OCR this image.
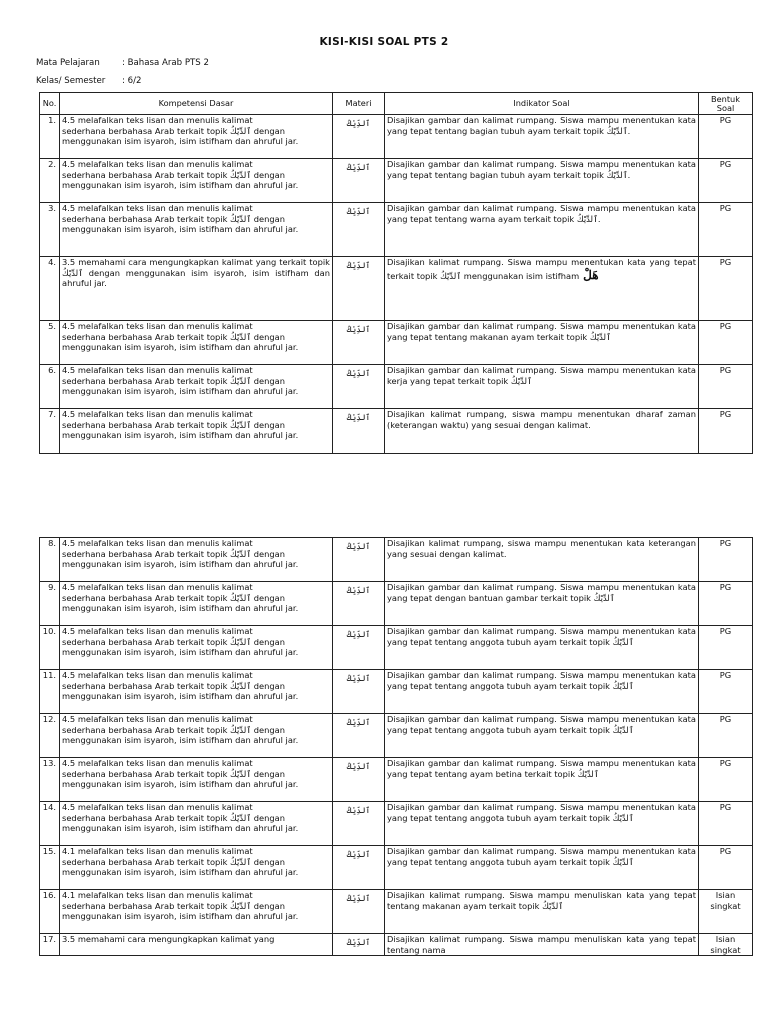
KISI-KISI SOAL PTS 2
Mata Pelajaran	: Bahasa Arab PTS 2
Kelas/ Semester : 6/2
No.	Kompetensi Dasar	Materi	Indikator Soal	Bentuk Soal
1.	4.5 melafalkan teks lisan dan menulis kalimat
sederhana berbahasa Arab terkait topik ٱلدِّيْكُ dengan
menggunakan isim isyaroh, isim istifham dan ahruful jar.	ٱلدِّيْكُ	Disajikan gambar dan kalimat rumpang. Siswa mampu menentukan kata yang tepat tentang bagian tubuh ayam terkait topik ٱلدِّيْكُ.	PG
2.	4.5 melafalkan teks lisan dan menulis kalimat
sederhana berbahasa Arab terkait topik ٱلدِّيْكُ dengan
menggunakan isim isyaroh, isim istifham dan ahruful jar.	ٱلدِّيْكُ	Disajikan gambar dan kalimat rumpang. Siswa mampu menentukan kata yang tepat tentang bagian tubuh ayam terkait topik ٱلدِّيْكُ.	PG
3.	4.5 melafalkan teks lisan dan menulis kalimat
sederhana berbahasa Arab terkait topik ٱلدِّيْكُ dengan
menggunakan isim isyaroh, isim istifham dan ahruful jar.	ٱلدِّيْكُ	Disajikan gambar dan kalimat rumpang. Siswa mampu menentukan kata yang tepat tentang warna ayam terkait topik ٱلدِّيْكُ.	PG
4.	3.5 memahami cara mengungkapkan kalimat yang terkait topik ٱلدِّيْكُ dengan menggunakan isim isyaroh, isim istifham dan ahruful jar.	ٱلدِّيْكُ	Disajikan kalimat rumpang. Siswa mampu menentukan kata yang tepat terkait topik ٱلدِّيْكُ menggunakan isim istifham هَلْ	PG
5.	4.5 melafalkan teks lisan dan menulis kalimat
sederhana berbahasa Arab terkait topik ٱلدِّيْكُ dengan
menggunakan isim isyaroh, isim istifham dan ahruful jar.	ٱلدِّيْكُ	Disajikan gambar dan kalimat rumpang. Siswa mampu menentukan kata yang tepat tentang makanan ayam terkait topik ٱلدِّيْكُ	PG
6.	4.5 melafalkan teks lisan dan menulis kalimat
sederhana berbahasa Arab terkait topik ٱلدِّيْكُ dengan
menggunakan isim isyaroh, isim istifham dan ahruful jar.	ٱلدِّيْكُ	Disajikan gambar dan kalimat rumpang. Siswa mampu menentukan kata kerja yang tepat terkait topik ٱلدِّيْكُ	PG
7.	4.5 melafalkan teks lisan dan menulis kalimat
sederhana berbahasa Arab terkait topik ٱلدِّيْكُ dengan
menggunakan isim isyaroh, isim istifham dan ahruful jar.	ٱلدِّيْكُ	Disajikan kalimat rumpang, siswa mampu menentukan dharaf zaman (keterangan waktu) yang sesuai dengan kalimat.	PG
8.	4.5 melafalkan teks lisan dan menulis kalimat
sederhana berbahasa Arab terkait topik ٱلدِّيْكُ dengan
menggunakan isim isyaroh, isim istifham dan ahruful jar.	ٱلدِّيْكُ	Disajikan kalimat rumpang, siswa mampu menentukan kata keterangan yang sesuai dengan kalimat.	PG
9.	4.5 melafalkan teks lisan dan menulis kalimat
sederhana berbahasa Arab terkait topik ٱلدِّيْكُ dengan
menggunakan isim isyaroh, isim istifham dan ahruful jar.	ٱلدِّيْكُ	Disajikan gambar dan kalimat rumpang. Siswa mampu menentukan kata yang tepat dengan bantuan gambar terkait topik ٱلدِّيْكُ	PG
10.	4.5 melafalkan teks lisan dan menulis kalimat
sederhana berbahasa Arab terkait topik ٱلدِّيْكُ dengan
menggunakan isim isyaroh, isim istifham dan ahruful jar.	ٱلدِّيْكُ	Disajikan gambar dan kalimat rumpang. Siswa mampu menentukan kata yang tepat tentang anggota tubuh ayam terkait topik ٱلدِّيْكُ	PG
11.	4.5 melafalkan teks lisan dan menulis kalimat
sederhana berbahasa Arab terkait topik ٱلدِّيْكُ dengan
menggunakan isim isyaroh, isim istifham dan ahruful jar.	ٱلدِّيْكُ	Disajikan gambar dan kalimat rumpang. Siswa mampu menentukan kata yang tepat tentang anggota tubuh ayam terkait topik ٱلدِّيْكُ	PG
12.	4.5 melafalkan teks lisan dan menulis kalimat
sederhana berbahasa Arab terkait topik ٱلدِّيْكُ dengan
menggunakan isim isyaroh, isim istifham dan ahruful jar.	ٱلدِّيْكُ	Disajikan gambar dan kalimat rumpang. Siswa mampu menentukan kata yang tepat tentang anggota tubuh ayam terkait topik ٱلدِّيْكُ	PG
13.	4.5 melafalkan teks lisan dan menulis kalimat
sederhana berbahasa Arab terkait topik ٱلدِّيْكُ dengan
menggunakan isim isyaroh, isim istifham dan ahruful jar.	ٱلدِّيْكُ	Disajikan gambar dan kalimat rumpang. Siswa mampu menentukan kata yang tepat tentang ayam betina terkait topik ٱلدِّيْكُ	PG
14.	4.5 melafalkan teks lisan dan menulis kalimat
sederhana berbahasa Arab terkait topik ٱلدِّيْكُ dengan
menggunakan isim isyaroh, isim istifham dan ahruful jar.	ٱلدِّيْكُ	Disajikan gambar dan kalimat rumpang. Siswa mampu menentukan kata yang tepat tentang anggota tubuh ayam terkait topik ٱلدِّيْكُ	PG
15.	4.1 melafalkan teks lisan dan menulis kalimat
sederhana berbahasa Arab terkait topik ٱلدِّيْكُ dengan
menggunakan isim isyaroh, isim istifham dan ahruful jar.	ٱلدِّيْكُ	Disajikan gambar dan kalimat rumpang. Siswa mampu menentukan kata yang tepat tentang anggota tubuh ayam terkait topik ٱلدِّيْكُ	PG
16.	4.1 melafalkan teks lisan dan menulis kalimat
sederhana berbahasa Arab terkait topik ٱلدِّيْكُ dengan
menggunakan isim isyaroh, isim istifham dan ahruful jar.	ٱلدِّيْكُ	Disajikan kalimat rumpang. Siswa mampu menuliskan kata yang tepat tentang makanan ayam terkait topik ٱلدِّيْكُ	Isian singkat
17.	3.5 memahami cara mengungkapkan kalimat yang	ٱلدِّيْكُ	Disajikan kalimat rumpang. Siswa mampu menuliskan kata yang tepat tentang nama	Isian singkat
